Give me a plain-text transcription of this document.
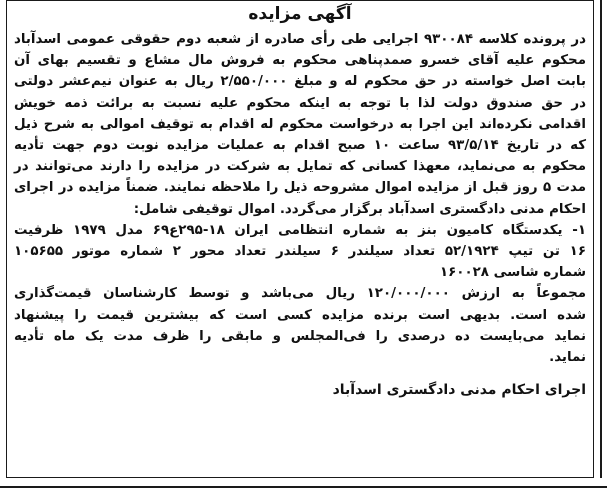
آگهی مزایده
در پرونده کلاسه ۹۳۰۰۸۴ اجرایی طی رأی صادره از شعبه دوم حقوقی عمومی اسدآباد
محکوم علیه آقای خسرو صمدپناهی محکوم به فروش مال مشاع و تقسیم بهای آن
بابت اصل خواسته در حق محکوم له و مبلغ ۲/۵۵۰/۰۰۰ ریال به عنوان نیم‌عشر دولتی
در حق صندوق دولت لذا با توجه به اینکه محکوم علیه نسبت به برائت ذمه خویش
اقدامی نکرده‌اند این اجرا به درخواست محکوم له اقدام به توقیف اموالی به شرح ذیل
که در تاریخ ۹۳/۵/۱۴ ساعت ۱۰ صبح اقدام به عملیات مزایده نوبت دوم جهت تأدیه
محکوم به می‌نماید، معهذا کسانی که تمایل به شرکت در مزایده را دارند می‌توانند در
مدت ۵ روز قبل از مزایده اموال مشروحه ذیل را ملاحظه نمایند. ضمناً مزایده در اجرای
احکام مدنی دادگستری اسدآباد برگزار می‌گردد. اموال توقیفی شامل:
۱- یکدستگاه کامیون بنز به شماره انتظامی ایران ۱۸-۲۹۵ع۶۹ مدل ۱۹۷۹ ظرفیت
۱۶ تن تیپ ۵۲/۱۹۲۴ تعداد سیلندر ۶ سیلندر تعداد محور ۲ شماره موتور ۱۰۵۶۵۵
شماره شاسی ۱۶۰۰۲۸
مجموعاً به ارزش ۱۲۰/۰۰۰/۰۰۰ ریال می‌باشد و توسط کارشناسان قیمت‌گذاری
شده است. بدیهی است برنده مزایده کسی است که بیشترین قیمت را پیشنهاد
نماید می‌بایست ده درصدی را فی‌المجلس و مابقی را ظرف مدت یک ماه تأدیه
نماید.
اجرای احکام مدنی دادگستری اسدآباد
